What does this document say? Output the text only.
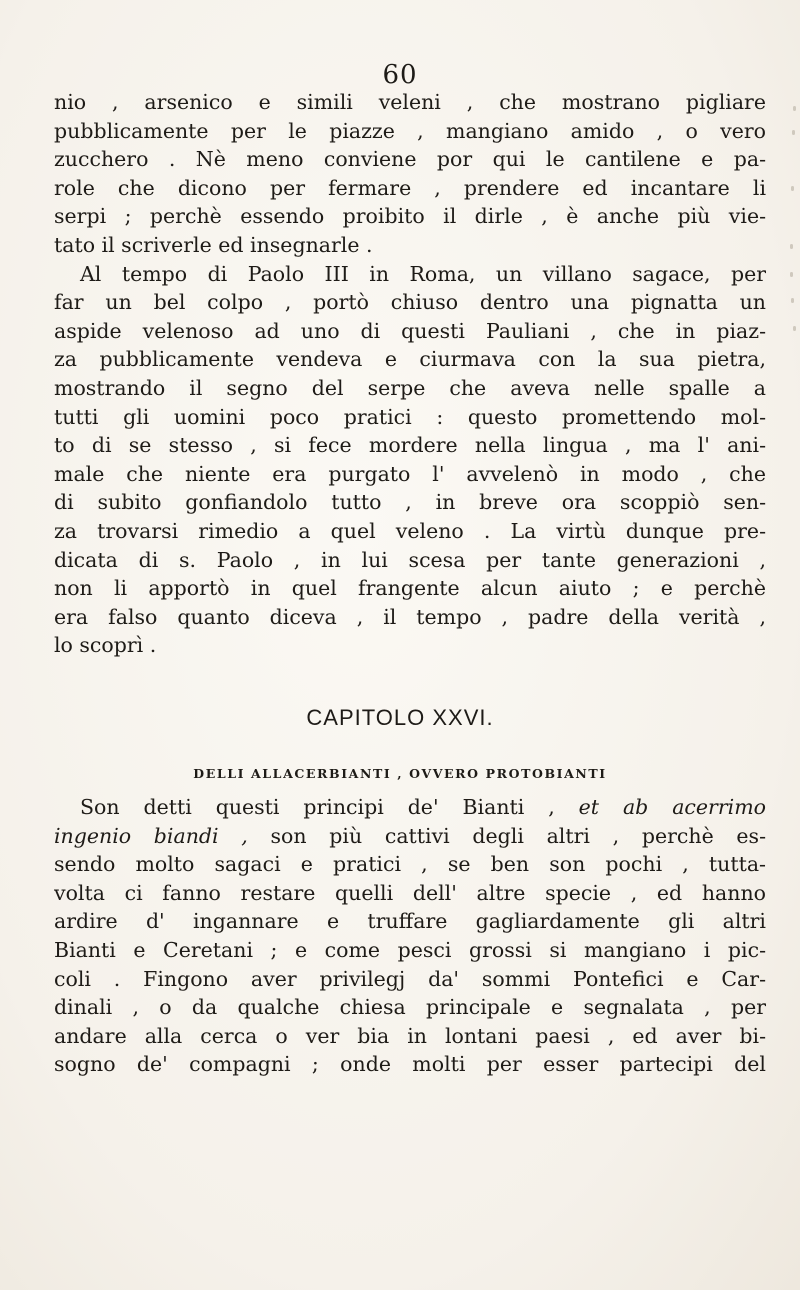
60
nio , arsenico e simili veleni , che mostrano pigliare
pubblicamente per le piazze , mangiano amido , o vero
zucchero . Nè meno conviene por qui le cantilene e pa-
role che dicono per fermare , prendere ed incantare li
serpi ; perchè essendo proibito il dirle , è anche più vie-
tato il scriverle ed insegnarle .
Al tempo di Paolo III in Roma, un villano sagace, per
far un bel colpo , portò chiuso dentro una pignatta un
aspide velenoso ad uno di questi Pauliani , che in piaz-
za pubblicamente vendeva e ciurmava con la sua pietra,
mostrando il segno del serpe che aveva nelle spalle a
tutti gli uomini poco pratici : questo promettendo mol-
to di se stesso , si fece mordere nella lingua , ma l' ani-
male che niente era purgato l' avvelenò in modo , che
di subito gonfiandolo tutto , in breve ora scoppiò sen-
za trovarsi rimedio a quel veleno . La virtù dunque pre-
dicata di s. Paolo , in lui scesa per tante generazioni ,
non li apportò in quel frangente alcun aiuto ; e perchè
era falso quanto diceva , il tempo , padre della verità ,
lo scoprì .
CAPITOLO XXVI.
DELLI ALLACERBIANTI , OVVERO PROTOBIANTI
Son detti questi principi de' Bianti , et ab acerrimo
ingenio biandi , son più cattivi degli altri , perchè es-
sendo molto sagaci e pratici , se ben son pochi , tutta-
volta ci fanno restare quelli dell' altre specie , ed hanno
ardire d' ingannare e truffare gagliardamente gli altri
Bianti e Ceretani ; e come pesci grossi si mangiano i pic-
coli . Fingono aver privilegj da' sommi Pontefici e Car-
dinali , o da qualche chiesa principale e segnalata , per
andare alla cerca o ver bia in lontani paesi , ed aver bi-
sogno de' compagni ; onde molti per esser partecipi del
